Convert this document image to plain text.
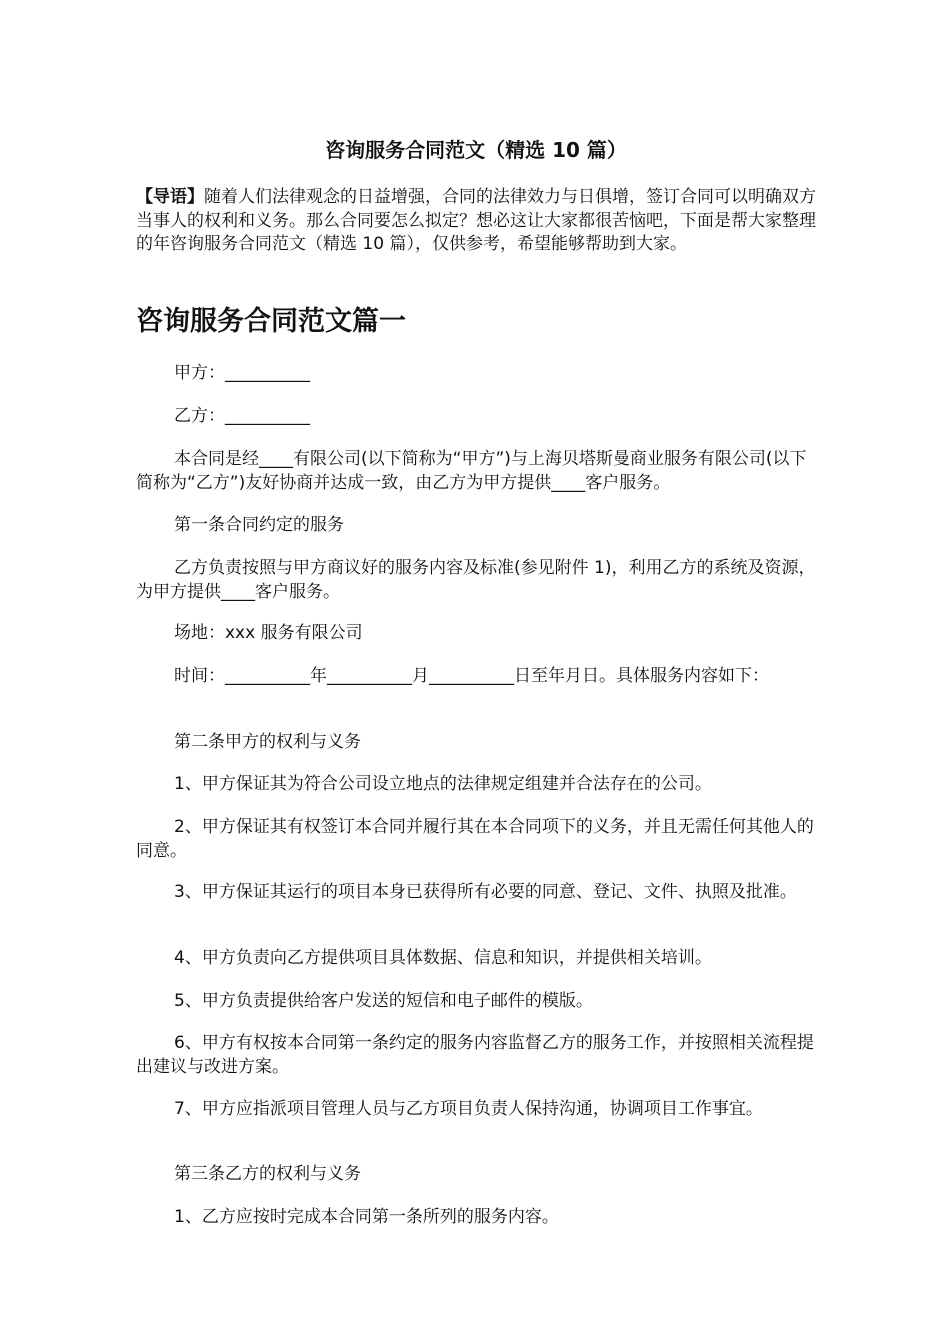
咨询服务合同范文（精选 10 篇）
【导语】随着人们法律观念的日益增强，合同的法律效力与日俱增，签订合同可以明确双方当事人的权利和义务。那么合同要怎么拟定？想必这让大家都很苦恼吧，下面是帮大家整理的年咨询服务合同范文（精选 10 篇），仅供参考，希望能够帮助到大家。
咨询服务合同范文篇一

甲方：__________

乙方：__________

本合同是经____有限公司(以下简称为“甲方”)与上海贝塔斯曼商业服务有限公司(以下简称为“乙方”)友好协商并达成一致，由乙方为甲方提供____客户服务。

第一条合同约定的服务

乙方负责按照与甲方商议好的服务内容及标准(参见附件 1)，利用乙方的系统及资源，为甲方提供____客户服务。

场地：xxx 服务有限公司

时间：__________年__________月__________日至年月日。具体服务内容如下：

第二条甲方的权利与义务

1、甲方保证其为符合公司设立地点的法律规定组建并合法存在的公司。

2、甲方保证其有权签订本合同并履行其在本合同项下的义务，并且无需任何其他人的同意。

3、甲方保证其运行的项目本身已获得所有必要的同意、登记、文件、执照及批准。

4、甲方负责向乙方提供项目具体数据、信息和知识，并提供相关培训。

5、甲方负责提供给客户发送的短信和电子邮件的模版。

6、甲方有权按本合同第一条约定的服务内容监督乙方的服务工作，并按照相关流程提出建议与改进方案。

7、甲方应指派项目管理人员与乙方项目负责人保持沟通，协调项目工作事宜。

第三条乙方的权利与义务

1、乙方应按时完成本合同第一条所列的服务内容。
